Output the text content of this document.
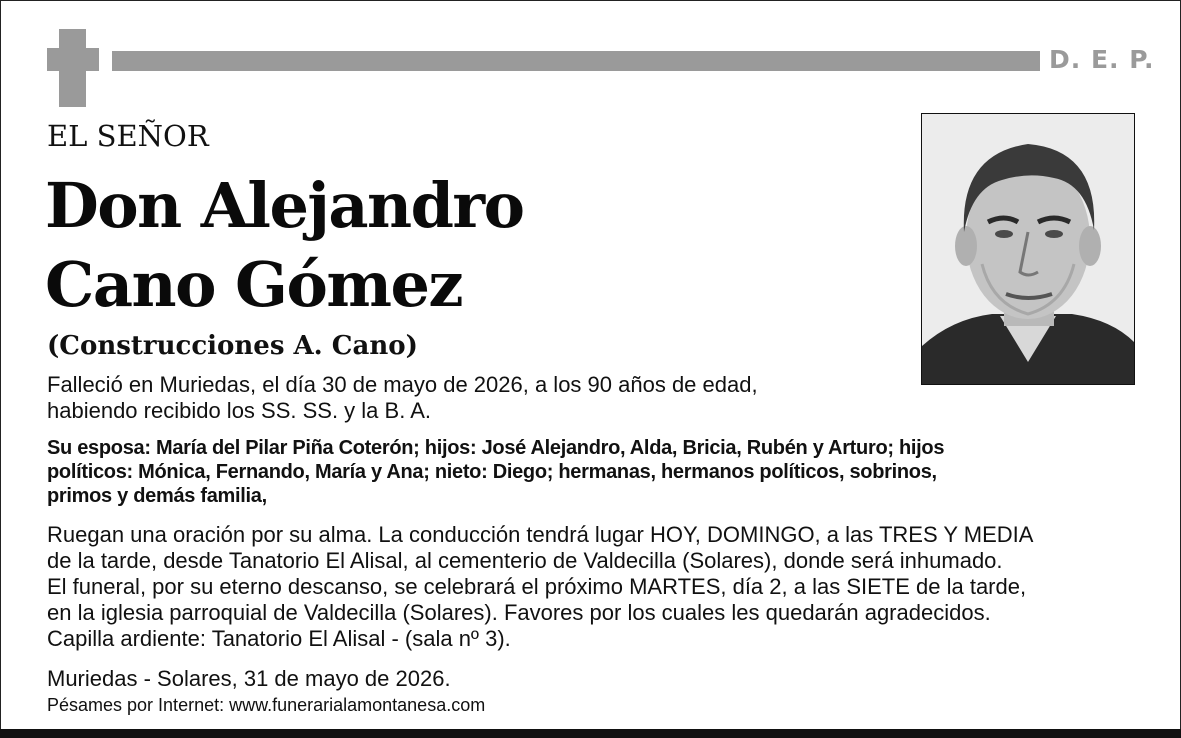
D. E. P.
EL SEÑOR
Don Alejandro
Cano Gómez
(Construcciones A. Cano)
Falleció en Muriedas, el día 30 de mayo de 2026, a los 90 años de edad,
habiendo recibido los SS. SS. y la B. A.
Su esposa: María del Pilar Piña Coterón; hijos: José Alejandro, Alda, Bricia, Rubén y Arturo; hijos
políticos: Mónica, Fernando, María y Ana; nieto: Diego; hermanas, hermanos políticos, sobrinos,
primos y demás familia,
Ruegan una oración por su alma. La conducción tendrá lugar HOY, DOMINGO, a las TRES Y MEDIA
de la tarde, desde Tanatorio El Alisal, al cementerio de Valdecilla (Solares), donde será inhumado.
El funeral, por su eterno descanso, se celebrará el próximo MARTES, día 2, a las SIETE de la tarde,
en la iglesia parroquial de Valdecilla (Solares). Favores por los cuales les quedarán agradecidos.
Capilla ardiente: Tanatorio El Alisal - (sala nº 3).
Muriedas - Solares, 31 de mayo de 2026.
Pésames por Internet: www.funerarialamontanesa.com
